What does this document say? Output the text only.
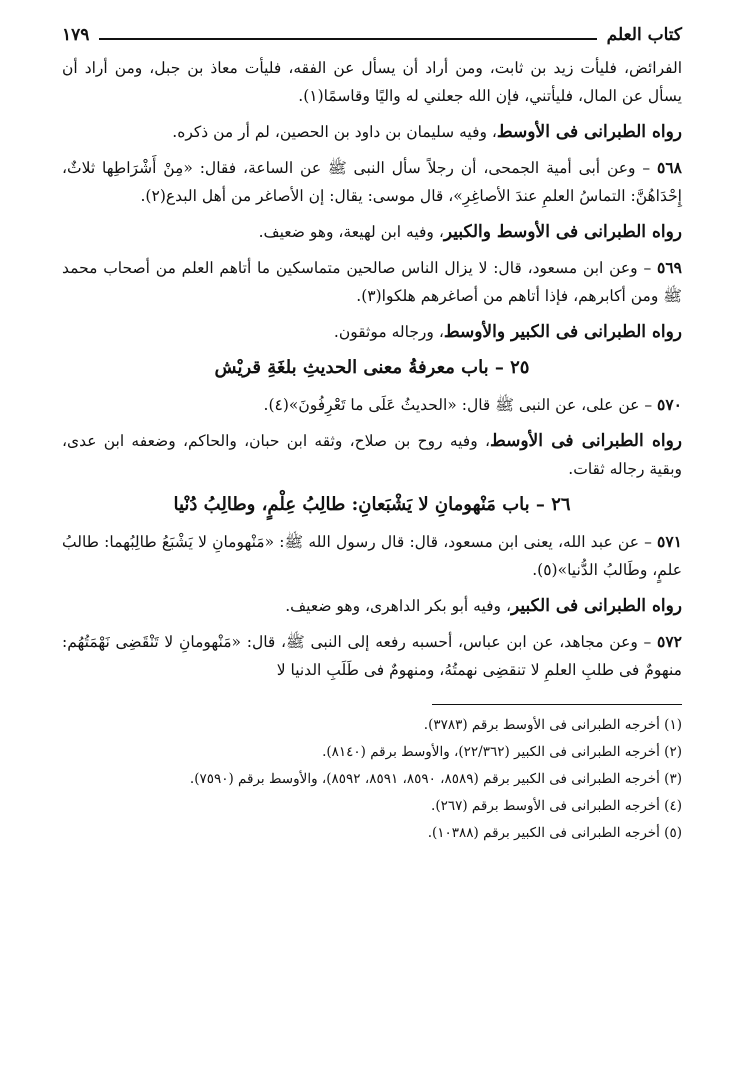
كتاب العلم
١٧٩

الفرائض، فليأت زيد بن ثابت، ومن أراد أن يسأل عن الفقه، فليأت معاذ بن جبل، ومن أراد أن يسأل عن المال، فليأتني، فإن الله جعلني له واليًا وقاسمًا(١).

رواه الطبرانى فى الأوسط، وفيه سليمان بن داود بن الحصين، لم أر من ذكره.

٥٦٨ – وعن أبى أمية الجمحى، أن رجلاً سأل النبى ﷺ عن الساعة، فقال: «مِنْ أَشْرَاطِها ثلاثٌ، إِحْدَاهُنَّ: التماسُ العلمِ عندَ الأصاغِرِ»، قال موسى: يقال: إن الأصاغر من أهل البدع(٢).

رواه الطبرانى فى الأوسط والكبير، وفيه ابن لهيعة، وهو ضعيف.

٥٦٩ – وعن ابن مسعود، قال: لا يزال الناس صالحين متماسكين ما أتاهم العلم من أصحاب محمد ﷺ ومن أكابرهم، فإذا أتاهم من أصاغرهم هلكوا(٣).

رواه الطبرانى فى الكبير والأوسط، ورجاله موثقون.

٢٥ – باب معرفةُ معنى الحديثِ بلغَةِ قريْش

٥٧٠ – عن على، عن النبى ﷺ قال: «الحديثُ عَلَى ما تَعْرِفُونَ»(٤).

رواه الطبرانى فى الأوسط، وفيه روح بن صلاح، وثقه ابن حبان، والحاكم، وضعفه ابن عدى، وبقية رجاله ثقات.

٢٦ – باب مَنْهومانِ لا يَشْبَعانِ: طالِبُ عِلْمٍ، وطالِبُ دُنْيا

٥٧١ – عن عبد الله، يعنى ابن مسعود، قال: قال رسول الله ﷺ: «مَنْهومانِ لا يَشْبَعُ طالِبُهما: طالبُ علمٍ، وطَالبُ الدُّنيا»(٥).

رواه الطبرانى فى الكبير، وفيه أبو بكر الداهرى، وهو ضعيف.

٥٧٢ – وعن مجاهد، عن ابن عباس، أحسبه رفعه إلى النبى ﷺ، قال: «مَنْهومانِ لا تَنْقَضِى نَهْمَتُهُم: منهومٌ فى طلبِ العلمِ لا تنقضِى نهمتُهُ، ومنهومٌ فى طَلَبِ الدنيا لا

(١) أخرجه الطبرانى فى الأوسط برقم (٣٧٨٣).
(٢) أخرجه الطبرانى فى الكبير (٢٢/٣٦٢)، والأوسط برقم (٨١٤٠).
(٣) أخرجه الطبرانى فى الكبير برقم (٨٥٨٩، ٨٥٩٠، ٨٥٩١، ٨٥٩٢)، والأوسط برقم (٧٥٩٠).
(٤) أخرجه الطبرانى فى الأوسط برقم (٢٦٧).
(٥) أخرجه الطبرانى فى الكبير برقم (١٠٣٨٨).
